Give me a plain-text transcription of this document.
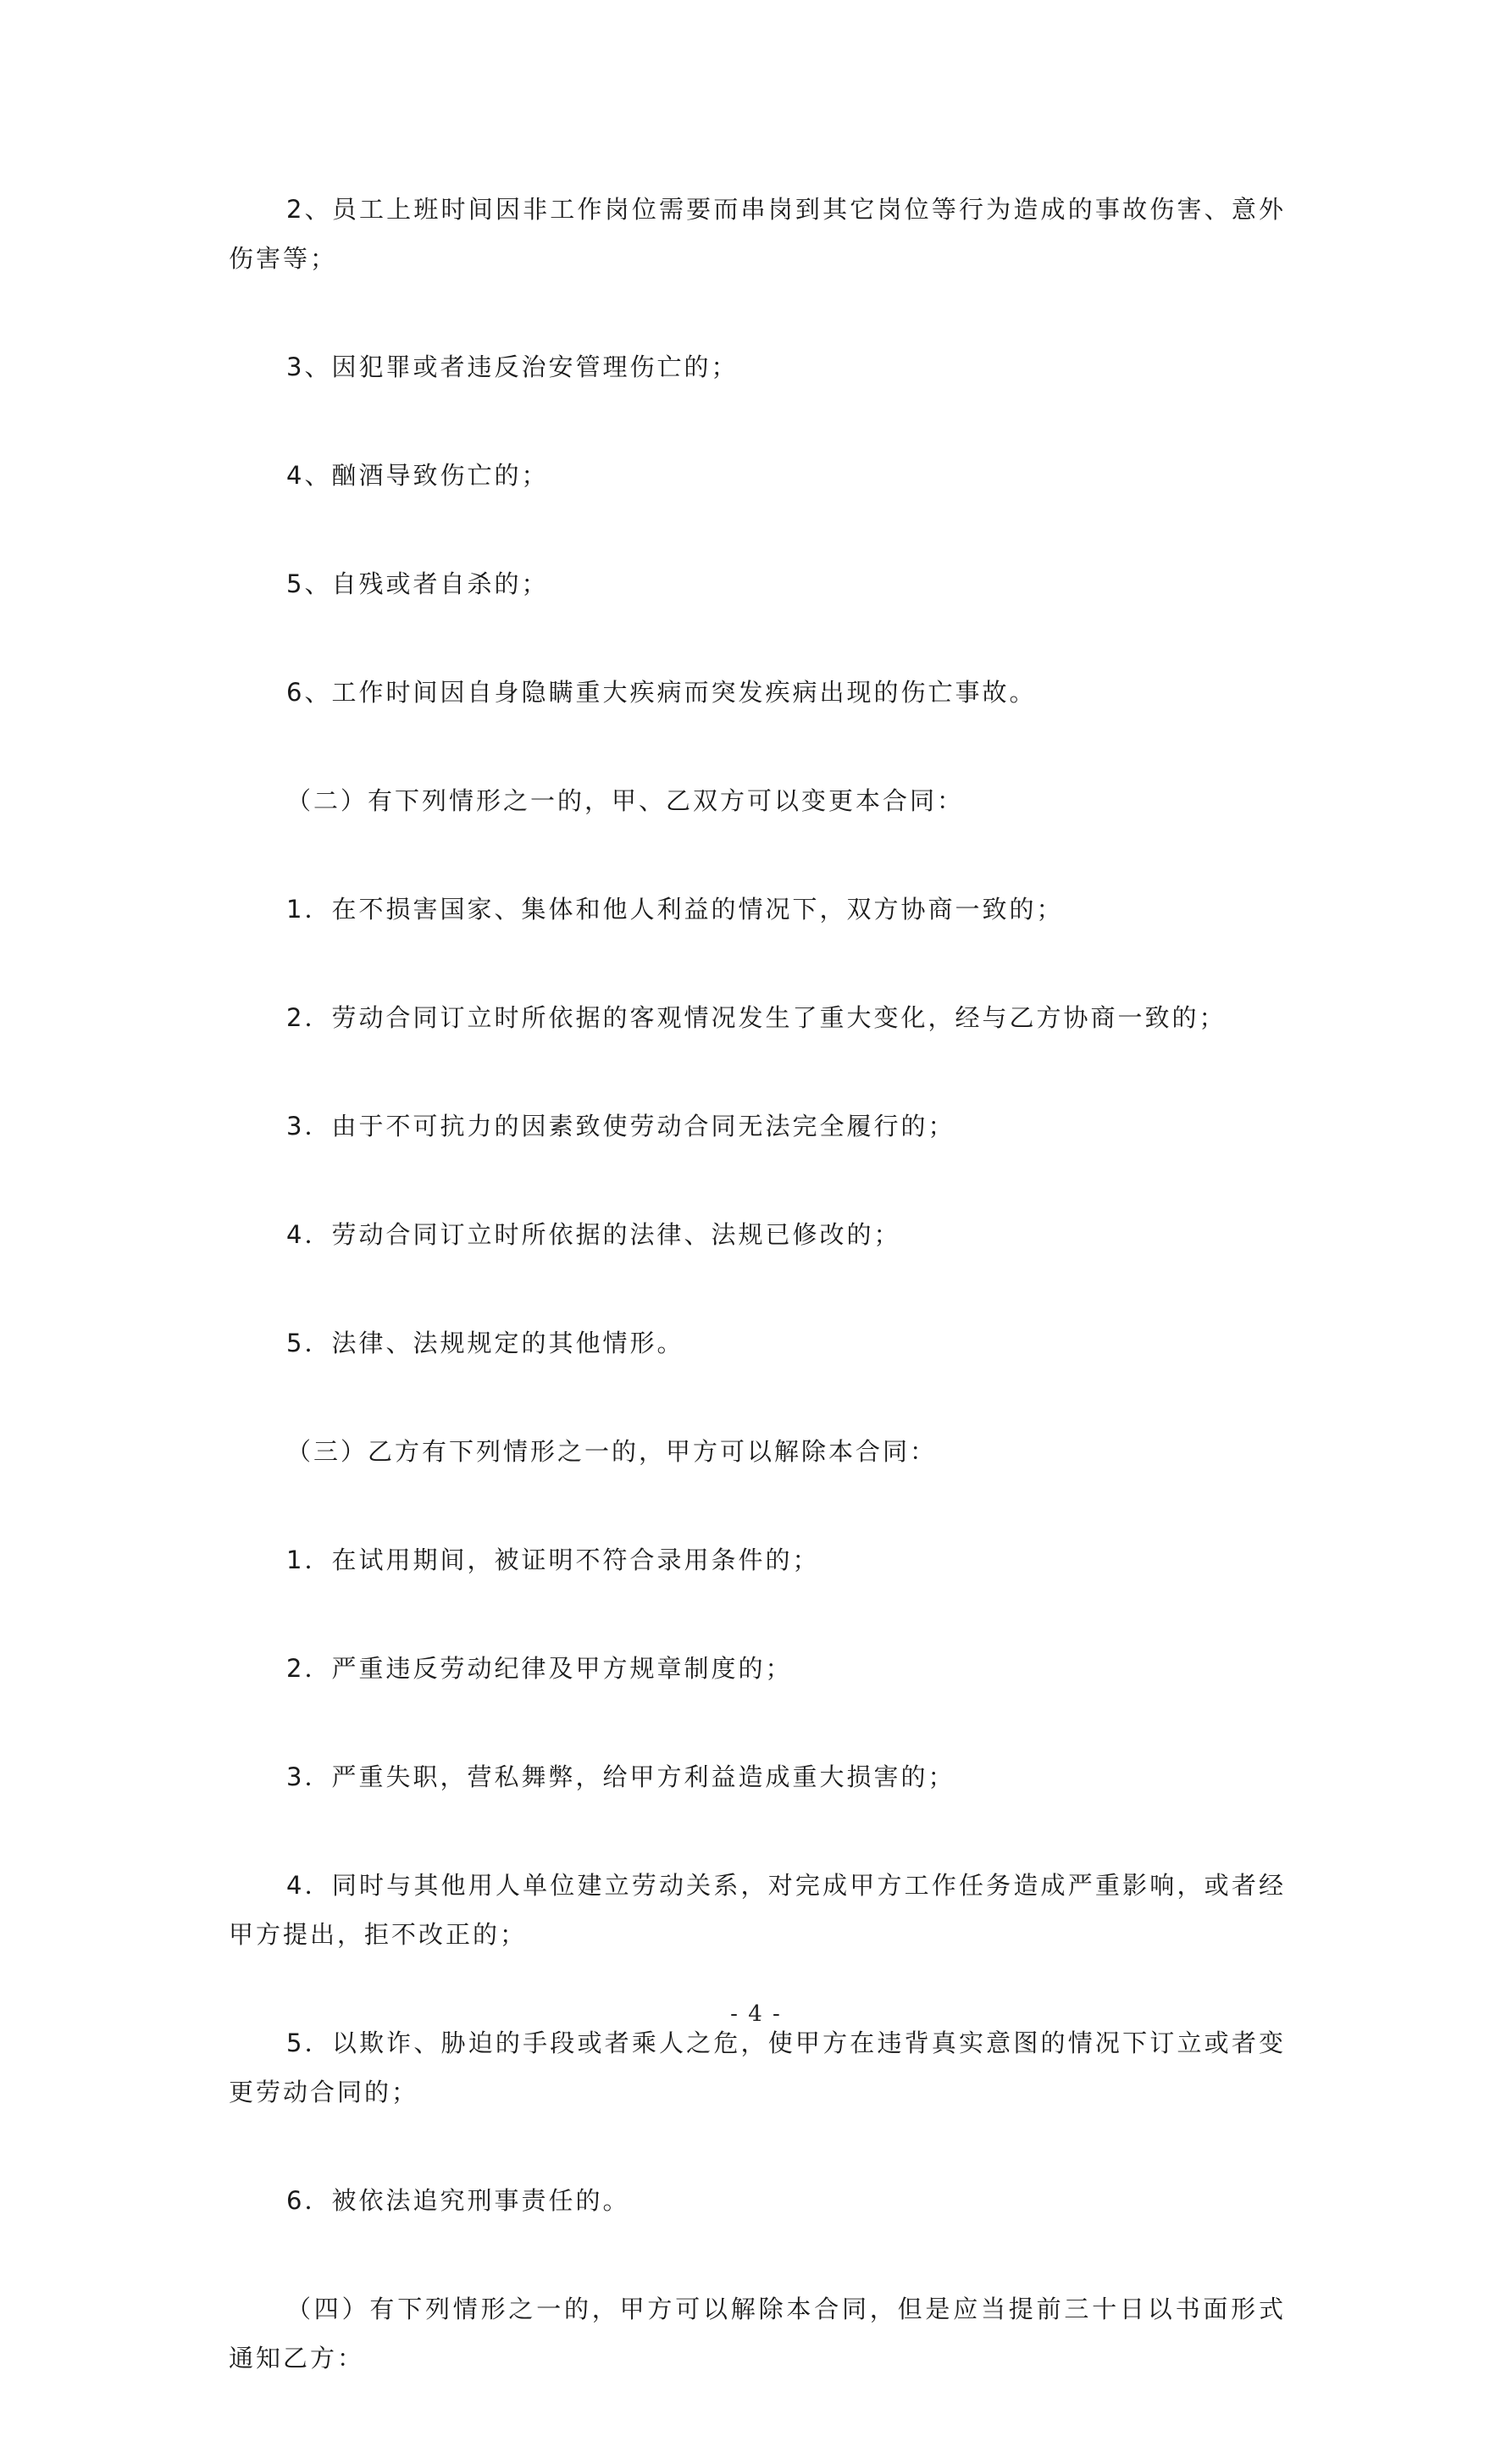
2、员工上班时间因非工作岗位需要而串岗到其它岗位等行为造成的事故伤害、意外伤害等；

3、因犯罪或者违反治安管理伤亡的；

4、酗酒导致伤亡的；

5、自残或者自杀的；

6、工作时间因自身隐瞒重大疾病而突发疾病出现的伤亡事故。

（二）有下列情形之一的，甲、乙双方可以变更本合同：

1．在不损害国家、集体和他人利益的情况下，双方协商一致的；

2．劳动合同订立时所依据的客观情况发生了重大变化，经与乙方协商一致的；

3．由于不可抗力的因素致使劳动合同无法完全履行的；

4．劳动合同订立时所依据的法律、法规已修改的；

5．法律、法规规定的其他情形。

（三）乙方有下列情形之一的，甲方可以解除本合同：

1．在试用期间，被证明不符合录用条件的；

2．严重违反劳动纪律及甲方规章制度的；

3．严重失职，营私舞弊，给甲方利益造成重大损害的；

4．同时与其他用人单位建立劳动关系，对完成甲方工作任务造成严重影响，或者经甲方提出，拒不改正的；

5．以欺诈、胁迫的手段或者乘人之危，使甲方在违背真实意图的情况下订立或者变更劳动合同的；

6．被依法追究刑事责任的。

（四）有下列情形之一的，甲方可以解除本合同，但是应当提前三十日以书面形式通知乙方：

- 4 -
